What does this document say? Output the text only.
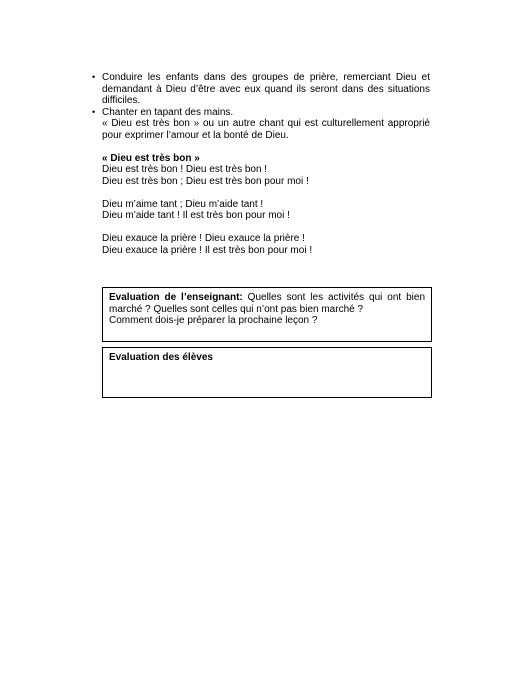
• Conduire les enfants dans des groupes de prière, remerciant Dieu et demandant à Dieu d’être avec eux quand ils seront dans des situations difficiles.
• Chanter en tapant des mains.
« Dieu est très bon » ou un autre chant qui est culturellement approprié pour exprimer l’amour et la bonté de Dieu.
« Dieu est très bon »
Dieu est très bon ! Dieu est très bon !
Dieu est très bon ; Dieu est très bon pour moi !
Dieu m’aime tant ; Dieu m’aide tant !
Dieu m’aide tant ! Il est très bon pour moi !
Dieu exauce la prière ! Dieu exauce la prière !
Dieu exauce la prière ! Il est très bon pour moi !
Evaluation de l’enseignant: Quelles sont les activités qui ont bien marché ? Quelles sont celles qui n’ont pas bien marché ?
Comment dois-je préparer la prochaine leçon ?
Evaluation des élèves
